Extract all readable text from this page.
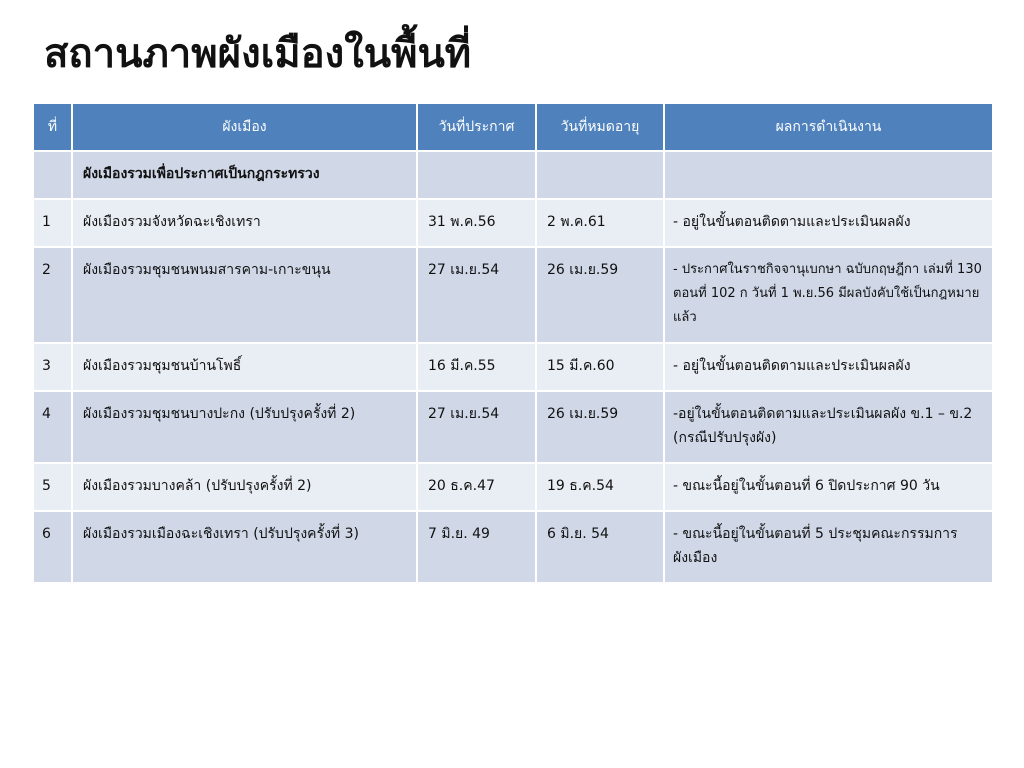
สถานภาพผังเมืองในพื้นที่
ที่	ผังเมือง	วันที่ประกาศ	วันที่หมดอายุ	ผลการดำเนินงาน
	ผังเมืองรวมเพื่อประกาศเป็นกฎกระทรวง			
1	ผังเมืองรวมจังหวัดฉะเชิงเทรา	31 พ.ค.56	2 พ.ค.61	- อยู่ในขั้นตอนติดตามและประเมินผลผัง
2	ผังเมืองรวมชุมชนพนมสารคาม-เกาะขนุน	27 เม.ย.54	26 เม.ย.59	- ประกาศในราชกิจจานุเบกษา ฉบับกฤษฎีกา เล่มที่ 130 ตอนที่ 102 ก วันที่ 1 พ.ย.56 มีผลบังคับใช้เป็นกฎหมายแล้ว
3	ผังเมืองรวมชุมชนบ้านโพธิ์	16 มี.ค.55	15 มี.ค.60	- อยู่ในขั้นตอนติดตามและประเมินผลผัง
4	ผังเมืองรวมชุมชนบางปะกง (ปรับปรุงครั้งที่ 2)	27 เม.ย.54	26 เม.ย.59	-อยู่ในขั้นตอนติดตามและประเมินผลผัง ข.1 – ข.2 (กรณีปรับปรุงผัง)
5	ผังเมืองรวมบางคล้า (ปรับปรุงครั้งที่ 2)	20 ธ.ค.47	19 ธ.ค.54	- ขณะนี้อยู่ในขั้นตอนที่ 6 ปิดประกาศ 90 วัน
6	ผังเมืองรวมเมืองฉะเชิงเทรา (ปรับปรุงครั้งที่ 3)	7 มิ.ย. 49	6 มิ.ย. 54	- ขณะนี้อยู่ในขั้นตอนที่ 5 ประชุมคณะกรรมการผังเมือง
